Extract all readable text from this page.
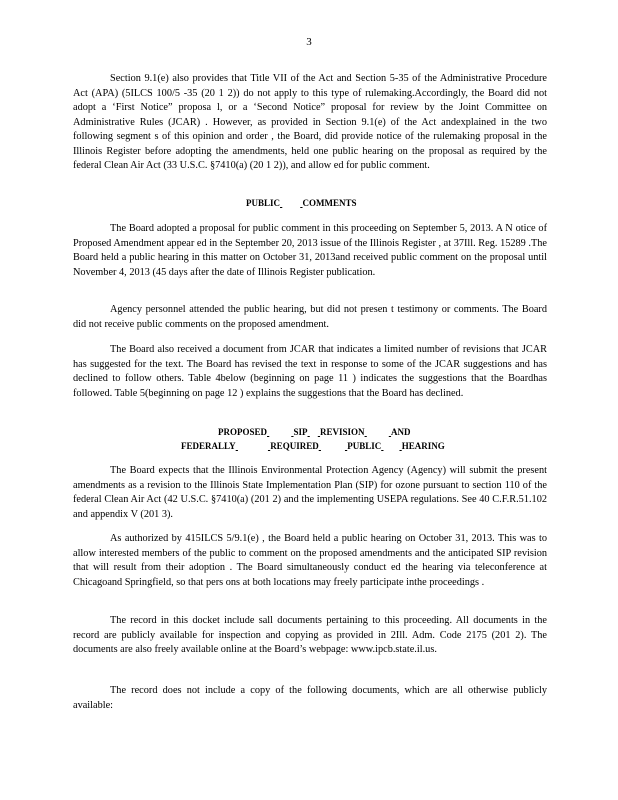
3

Section 9.1(e) also provides that Title VII of the Act and Section 5-35 of the Administrative Procedure Act (APA) (5ILCS 100/5 -35 (20 1 2)) do not apply to this type of rulemaking.Accordingly, the Board did not adopt a ‘First Notice” proposa l, or a ‘Second Notice” proposal for review by the Joint Committee on Administrative Rules (JCAR) . However, as provided in Section 9.1(e) of the Act andexplained in the two following segment s of this opinion and order , the Board, did provide notice of the rulemaking proposal in the Illinois Register before adopting the amendments, held one public hearing on the proposal as required by the federal Clean Air Act (33 U.S.C. §7410(a) (20 1 2)), and allow ed for public comment.

PUBLIC	COMMENTS

The Board adopted a proposal for public comment in this proceeding on September 5, 2013. A N otice of Proposed Amendment appear ed in the September 20, 2013 issue of the Illinois Register , at 37Ill. Reg. 15289 .The Board held a public hearing in this matter on October 31, 2013and received public comment on the proposal until November 4, 2013 (45 days after the date of Illinois Register publication.

Agency personnel attended the public hearing, but did not presen t testimony or comments. The Board did not receive public comments on the proposed amendment.

The Board also received a document from JCAR that indicates a limited number of revisions that JCAR has suggested for the text. The Board has revised the text in response to some of the JCAR suggestions and has declined to follow others. Table 4below (beginning on page 11 ) indicates the suggestions that the Boardhas followed. Table 5(beginning on page 12 ) explains the suggestions that the Board has declined.

PROPOSED	SIP REVISION	AND
FEDERALLY	REQUIRED	PUBLIC HEARING

The Board expects that the Illinois Environmental Protection Agency (Agency) will submit the present amendments as a revision to the Illinois State Implementation Plan (SIP) for ozone pursuant to section 110 of the federal Clean Air Act (42 U.S.C. §7410(a) (201 2) and the implementing USEPA regulations. See 40 C.F.R.51.102 and appendix V (201 3).

As authorized by 415ILCS 5/9.1(e) , the Board held a public hearing on October 31, 2013. This was to allow interested members of the public to comment on the proposed amendments and the anticipated SIP revision that will result from their adoption . The Board simultaneously conduct ed the hearing via teleconference at Chicagoand Springfield, so that pers ons at both locations may freely participate inthe proceedings .

The record in this docket include sall documents pertaining to this proceeding. All documents in the record are publicly available for inspection and copying as provided in 2Ill. Adm. Code 2175 (201 2). The documents are also freely available online at the Board’s webpage: www.ipcb.state.il.us.

The record does not include a copy of the following documents, which are all otherwise publicly available:
